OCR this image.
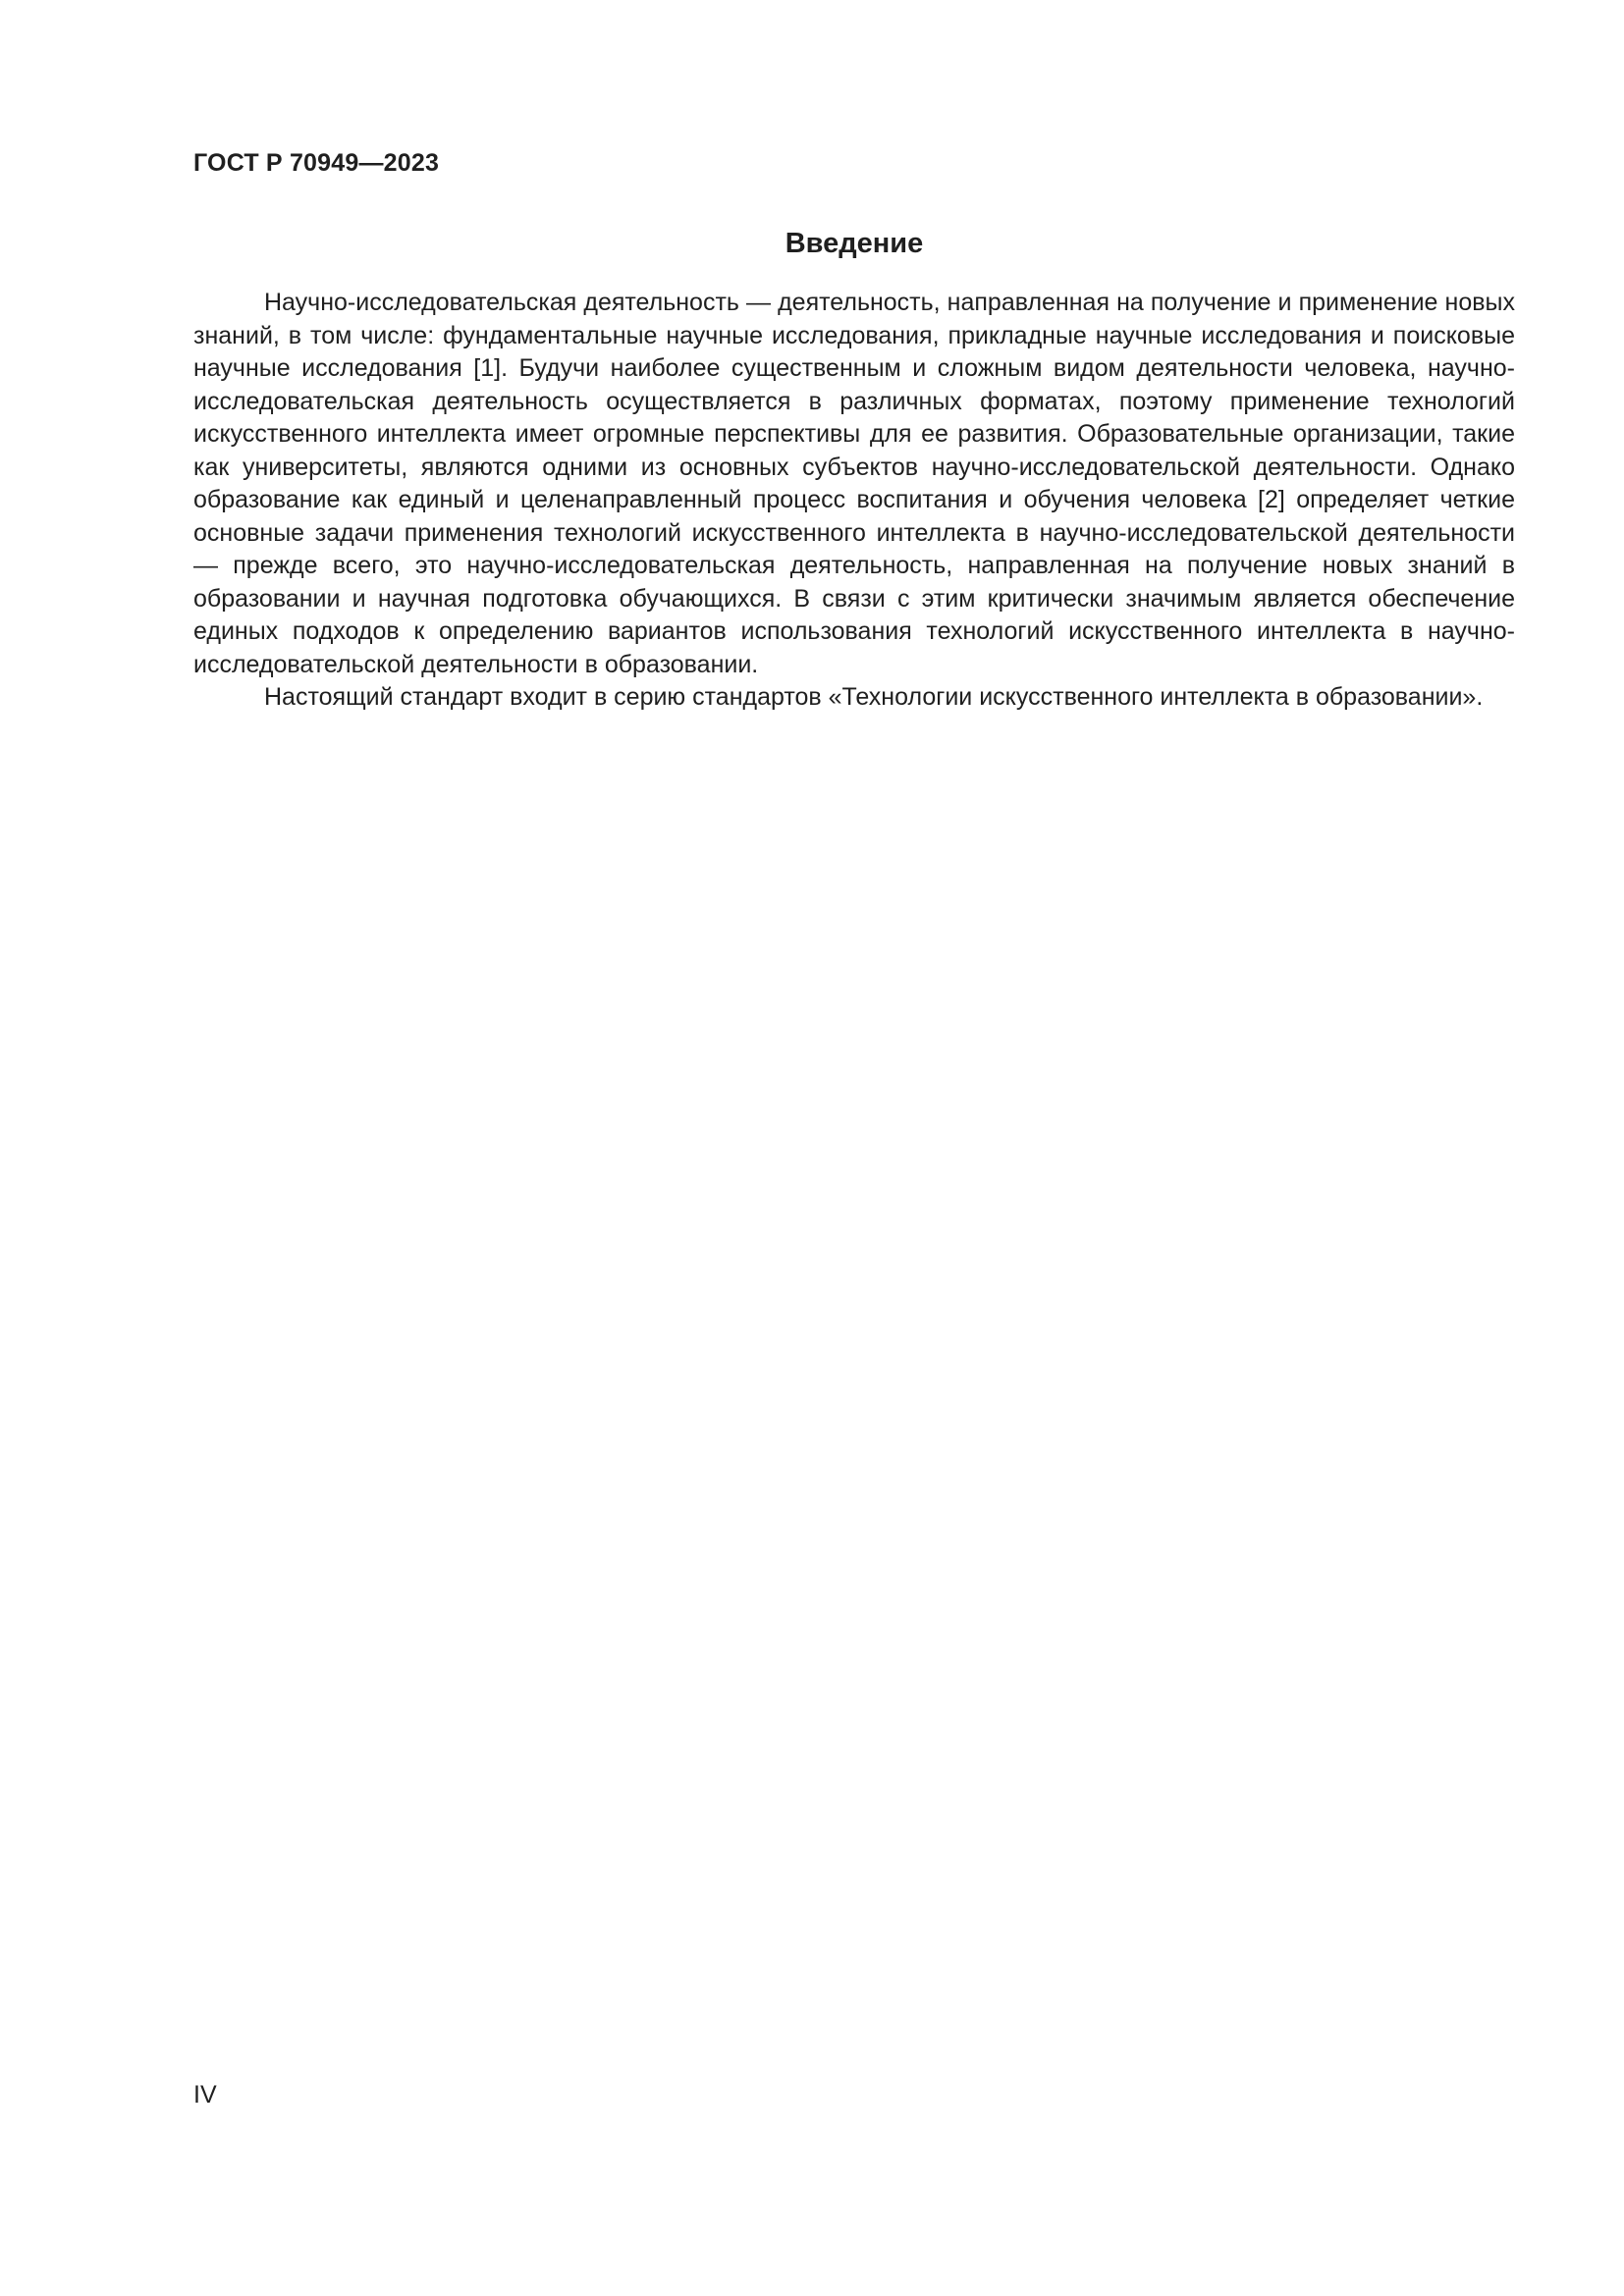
ГОСТ Р 70949—2023
Введение

Научно-исследовательская деятельность — деятельность, направленная на получение и применение новых знаний, в том числе: фундаментальные научные исследования, прикладные научные исследования и поисковые научные исследования [1]. Будучи наиболее существенным и сложным видом деятельности человека, научно-исследовательская деятельность осуществляется в различных форматах, поэтому применение технологий искусственного интеллекта имеет огромные перспективы для ее развития. Образовательные организации, такие как университеты, являются одними из основных субъектов научно-исследовательской деятельности. Однако образование как единый и целенаправленный процесс воспитания и обучения человека [2] определяет четкие основные задачи применения технологий искусственного интеллекта в научно-исследовательской деятельности — прежде всего, это научно-исследовательская деятельность, направленная на получение новых знаний в образовании и научная подготовка обучающихся. В связи с этим критически значимым является обеспечение единых подходов к определению вариантов использования технологий искусственного интеллекта в научно-исследовательской деятельности в образовании.

Настоящий стандарт входит в серию стандартов «Технологии искусственного интеллекта в образовании».

IV
